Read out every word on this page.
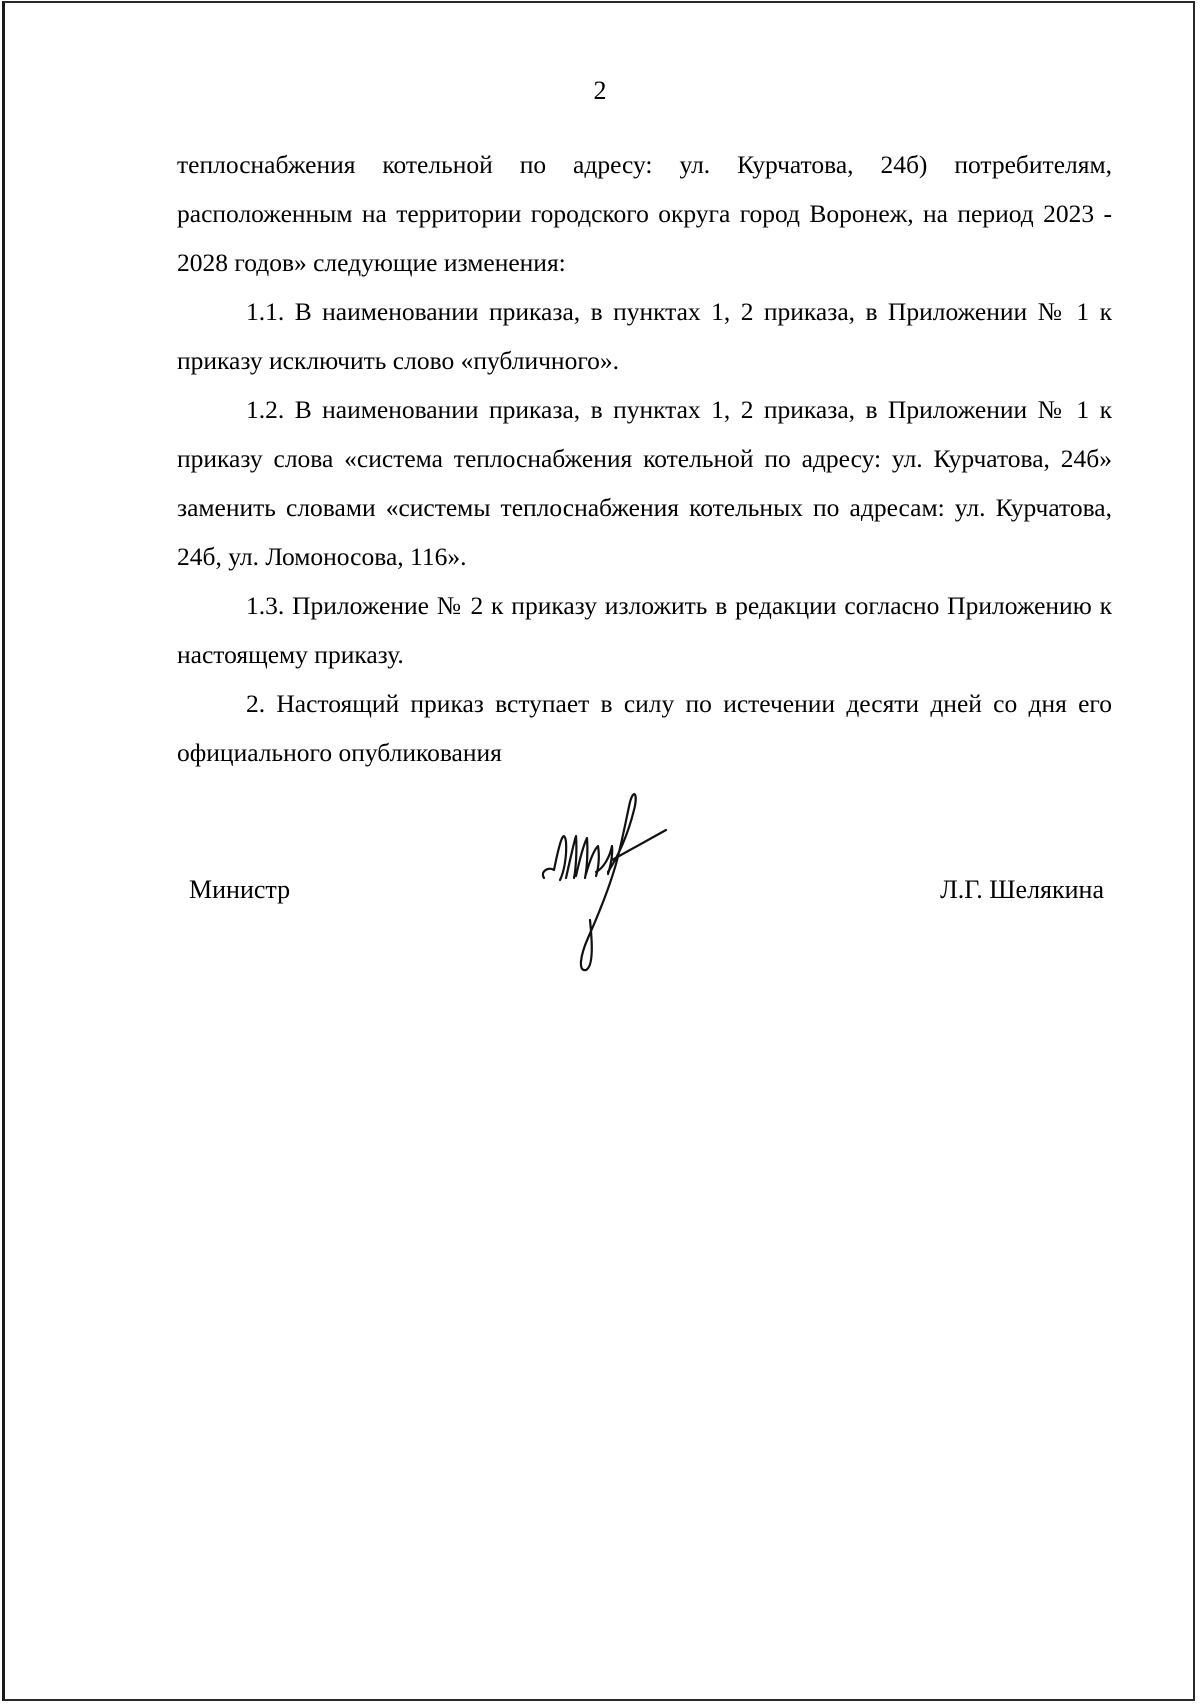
2

теплоснабжения котельной по адресу: ул. Курчатова, 24б) потребителям, расположенным на территории городского округа город Воронеж, на период 2023 - 2028 годов» следующие изменения:

1.1. В наименовании приказа, в пунктах 1, 2 приказа, в Приложении № 1 к приказу исключить слово «публичного».

1.2. В наименовании приказа, в пунктах 1, 2 приказа, в Приложении № 1 к приказу слова «система теплоснабжения котельной по адресу: ул. Курчатова, 24б» заменить словами «системы теплоснабжения котельных по адресам: ул. Курчатова, 24б, ул. Ломоносова, 116».

1.3. Приложение № 2 к приказу изложить в редакции согласно Приложению к настоящему приказу.

2. Настоящий приказ вступает в силу по истечении десяти дней со дня его официального опубликования

Министр	Л.Г. Шелякина
